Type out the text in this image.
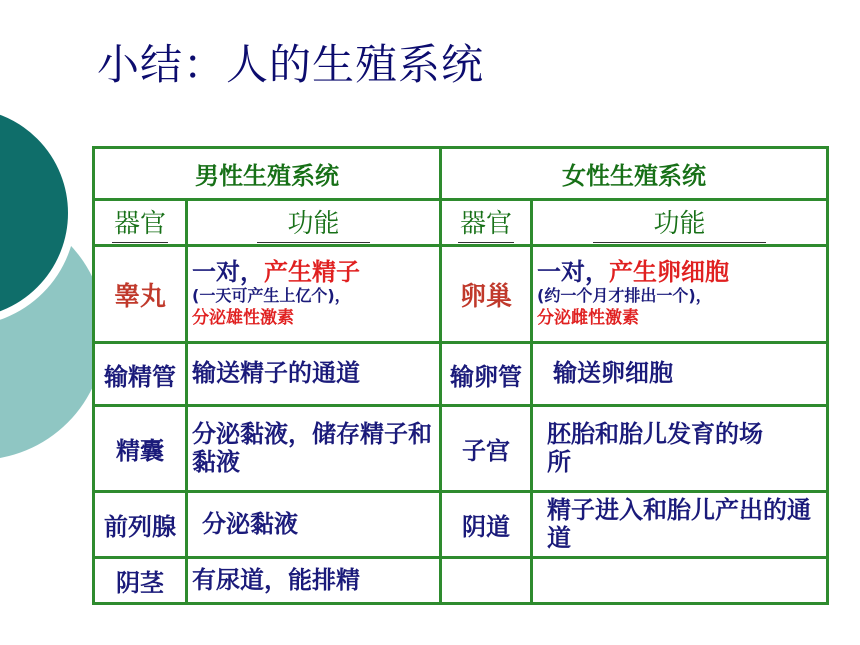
小结：人的生殖系统
男性生殖系统		女性生殖系统	
器官	功能	器官	功能
睾丸	一对，产生精子
(一天可产生上亿个)，
分泌雄性激素	卵巢	一对，产生卵细胞
(约一个月才排出一个)，
分泌雌性激素

输精管	输送精子的通道	输卵管	输送卵细胞
精囊	分泌黏液，储存精子和黏液	子宫	胚胎和胎儿发育的场所
前列腺	分泌黏液	阴道	精子进入和胎儿产出的通道
阴茎	有尿道，能排精		
